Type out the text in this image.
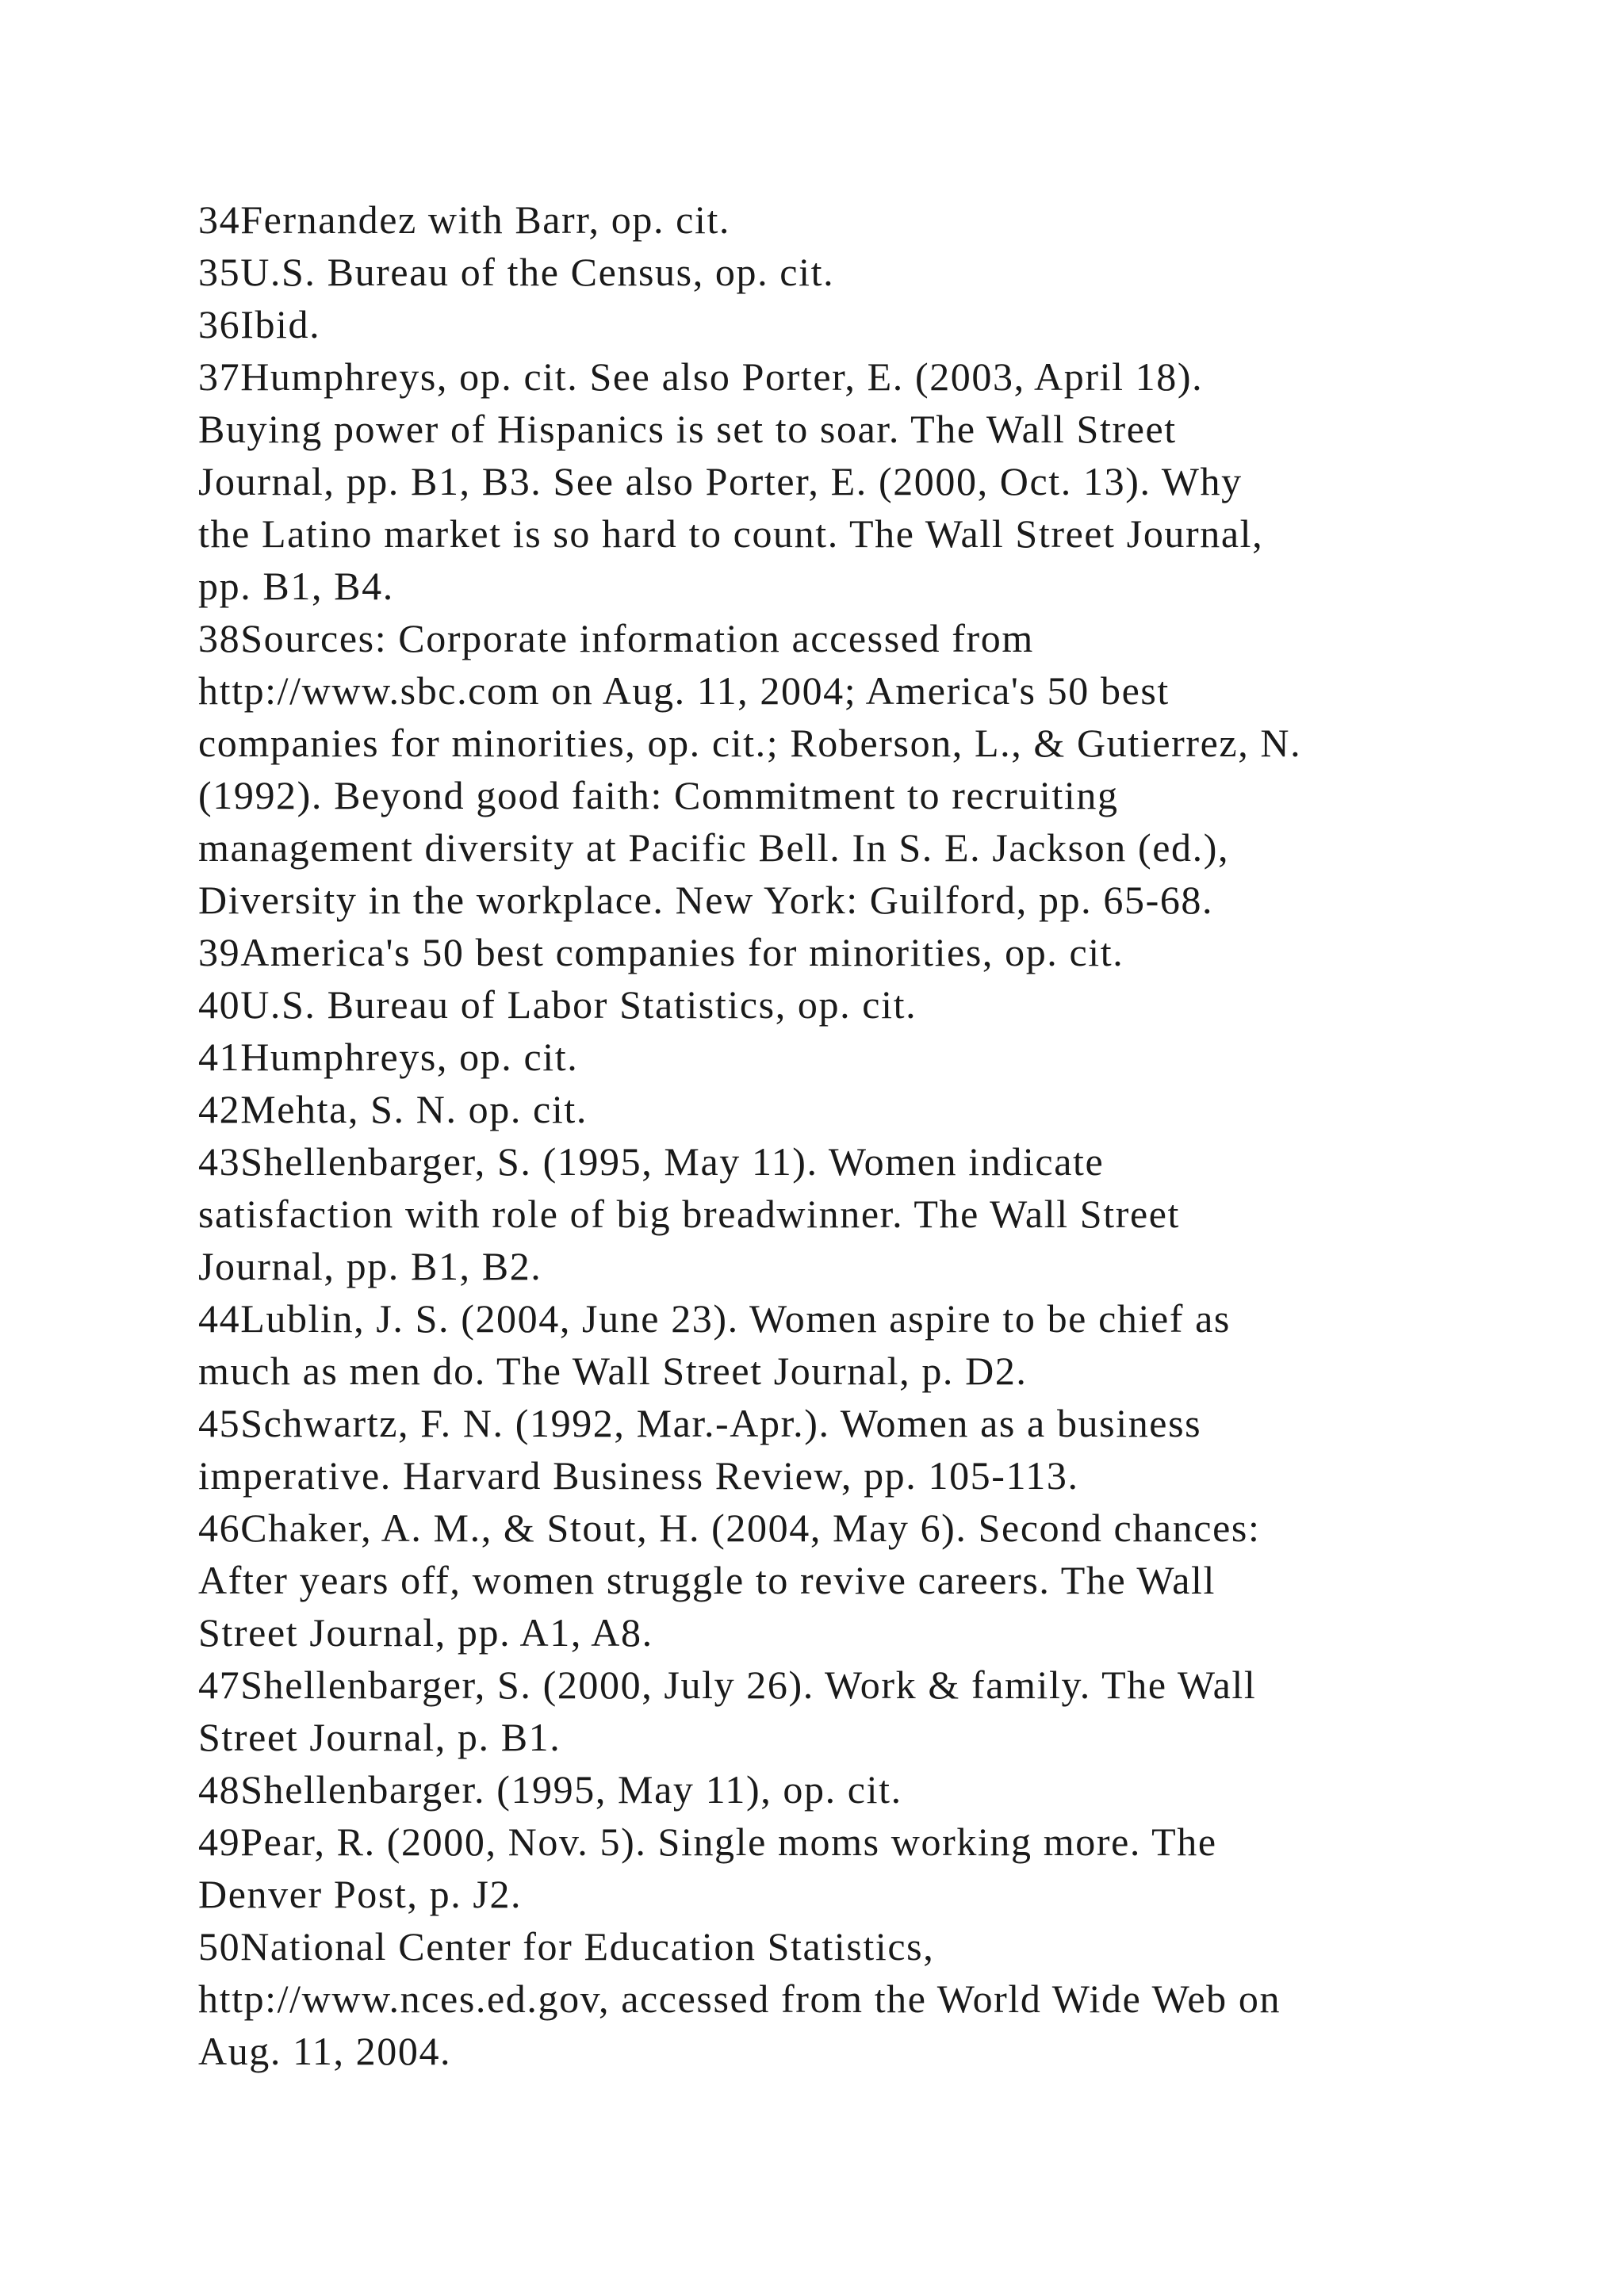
34Fernandez with Barr, op. cit.
35U.S. Bureau of the Census, op. cit.
36Ibid.
37Humphreys, op. cit. See also Porter, E. (2003, April 18).
Buying power of Hispanics is set to soar. The Wall Street
Journal, pp. B1, B3. See also Porter, E. (2000, Oct. 13). Why
the Latino market is so hard to count. The Wall Street Journal,
pp. B1, B4.
38Sources: Corporate information accessed from
http://www.sbc.com on Aug. 11, 2004; America's 50 best
companies for minorities, op. cit.; Roberson, L., & Gutierrez, N.
(1992). Beyond good faith: Commitment to recruiting
management diversity at Pacific Bell. In S. E. Jackson (ed.),
Diversity in the workplace. New York: Guilford, pp. 65-68.
39America's 50 best companies for minorities, op. cit.
40U.S. Bureau of Labor Statistics, op. cit.
41Humphreys, op. cit.
42Mehta, S. N. op. cit.
43Shellenbarger, S. (1995, May 11). Women indicate
satisfaction with role of big breadwinner. The Wall Street
Journal, pp. B1, B2.
44Lublin, J. S. (2004, June 23). Women aspire to be chief as
much as men do. The Wall Street Journal, p. D2.
45Schwartz, F. N. (1992, Mar.-Apr.). Women as a business
imperative. Harvard Business Review, pp. 105-113.
46Chaker, A. M., & Stout, H. (2004, May 6). Second chances:
After years off, women struggle to revive careers. The Wall
Street Journal, pp. A1, A8.
47Shellenbarger, S. (2000, July 26). Work & family. The Wall
Street Journal, p. B1.
48Shellenbarger. (1995, May 11), op. cit.
49Pear, R. (2000, Nov. 5). Single moms working more. The
Denver Post, p. J2.
50National Center for Education Statistics,
http://www.nces.ed.gov, accessed from the World Wide Web on
Aug. 11, 2004.
